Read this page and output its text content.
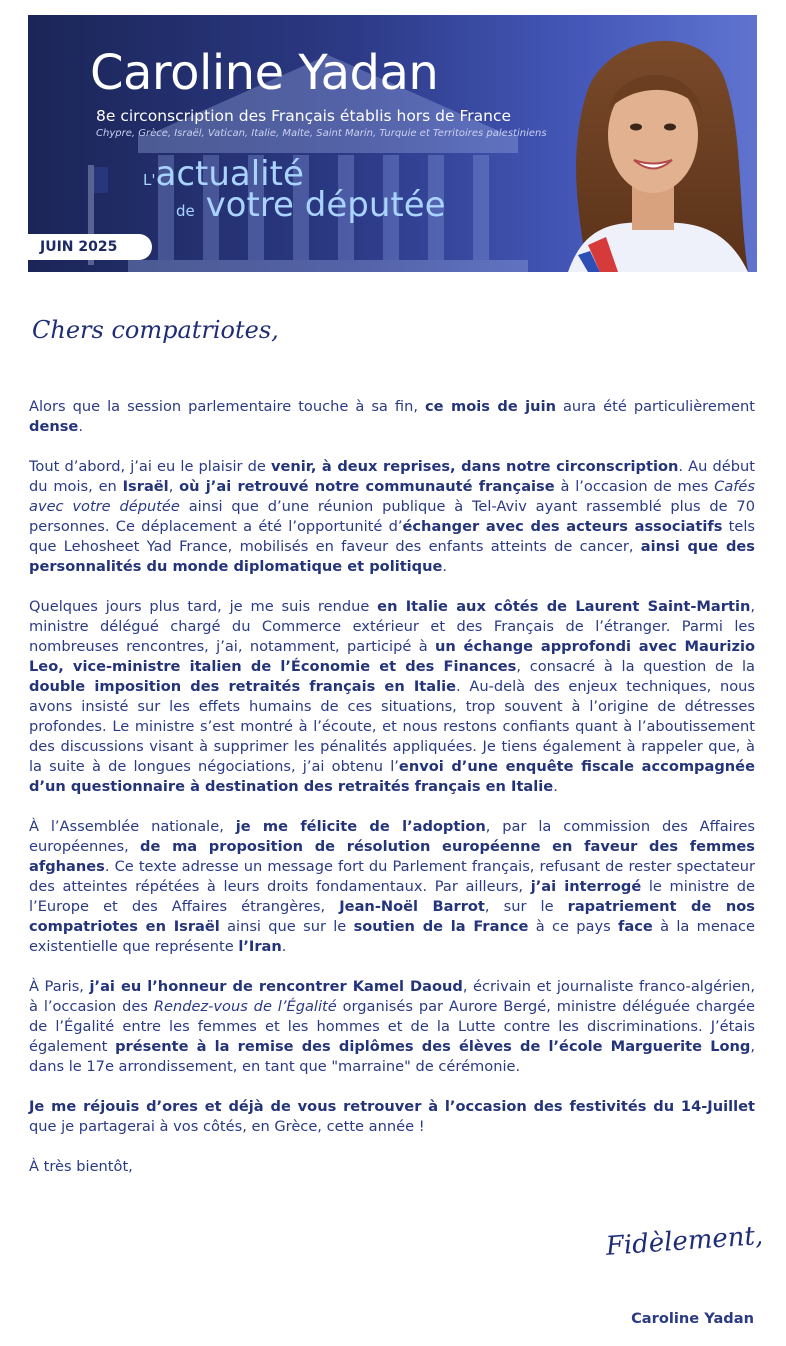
Caroline Yadan
8e circonscription des Français établis hors de France
Chypre, Grèce, Israël, Vatican, Italie, Malte, Saint Marin, Turquie et Territoires palestiniens
L'actualité
de votre députée
JUIN 2025
Chers compatriotes,

Alors que la session parlementaire touche à sa fin, ce mois de juin aura été particulièrement dense.

Tout d’abord, j’ai eu le plaisir de venir, à deux reprises, dans notre circonscription. Au début du mois, en Israël, où j’ai retrouvé notre communauté française à l’occasion de mes Cafés avec votre députée ainsi que d’une réunion publique à Tel-Aviv ayant rassemblé plus de 70 personnes. Ce déplacement a été l’opportunité d’échanger avec des acteurs associatifs tels que Lehosheet Yad France, mobilisés en faveur des enfants atteints de cancer, ainsi que des personnalités du monde diplomatique et politique.

Quelques jours plus tard, je me suis rendue en Italie aux côtés de Laurent Saint-Martin, ministre délégué chargé du Commerce extérieur et des Français de l’étranger. Parmi les nombreuses rencontres, j’ai, notamment, participé à un échange approfondi avec Maurizio Leo, vice-ministre italien de l’Économie et des Finances, consacré à la question de la double imposition des retraités français en Italie. Au-delà des enjeux techniques, nous avons insisté sur les effets humains de ces situations, trop souvent à l’origine de détresses profondes. Le ministre s’est montré à l’écoute, et nous restons confiants quant à l’aboutissement des discussions visant à supprimer les pénalités appliquées. Je tiens également à rappeler que, à la suite à de longues négociations, j’ai obtenu l’envoi d’une enquête fiscale accompagnée d’un questionnaire à destination des retraités français en Italie.

À l’Assemblée nationale, je me félicite de l’adoption, par la commission des Affaires européennes, de ma proposition de résolution européenne en faveur des femmes afghanes. Ce texte adresse un message fort du Parlement français, refusant de rester spectateur des atteintes répétées à leurs droits fondamentaux. Par ailleurs, j’ai interrogé le ministre de l’Europe et des Affaires étrangères, Jean-Noël Barrot, sur le rapatriement de nos compatriotes en Israël ainsi que sur le soutien de la France à ce pays face à la menace existentielle que représente l’Iran.

À Paris, j’ai eu l’honneur de rencontrer Kamel Daoud, écrivain et journaliste franco-algérien, à l’occasion des Rendez-vous de l’Égalité organisés par Aurore Bergé, ministre déléguée chargée de l’Égalité entre les femmes et les hommes et de la Lutte contre les discriminations. J’étais également présente à la remise des diplômes des élèves de l’école Marguerite Long, dans le 17e arrondissement, en tant que "marraine" de cérémonie.

Je me réjouis d’ores et déjà de vous retrouver à l’occasion des festivités du 14-Juillet que je partagerai à vos côtés, en Grèce, cette année !

À très bientôt,

Fidèlement,
Caroline Yadan
